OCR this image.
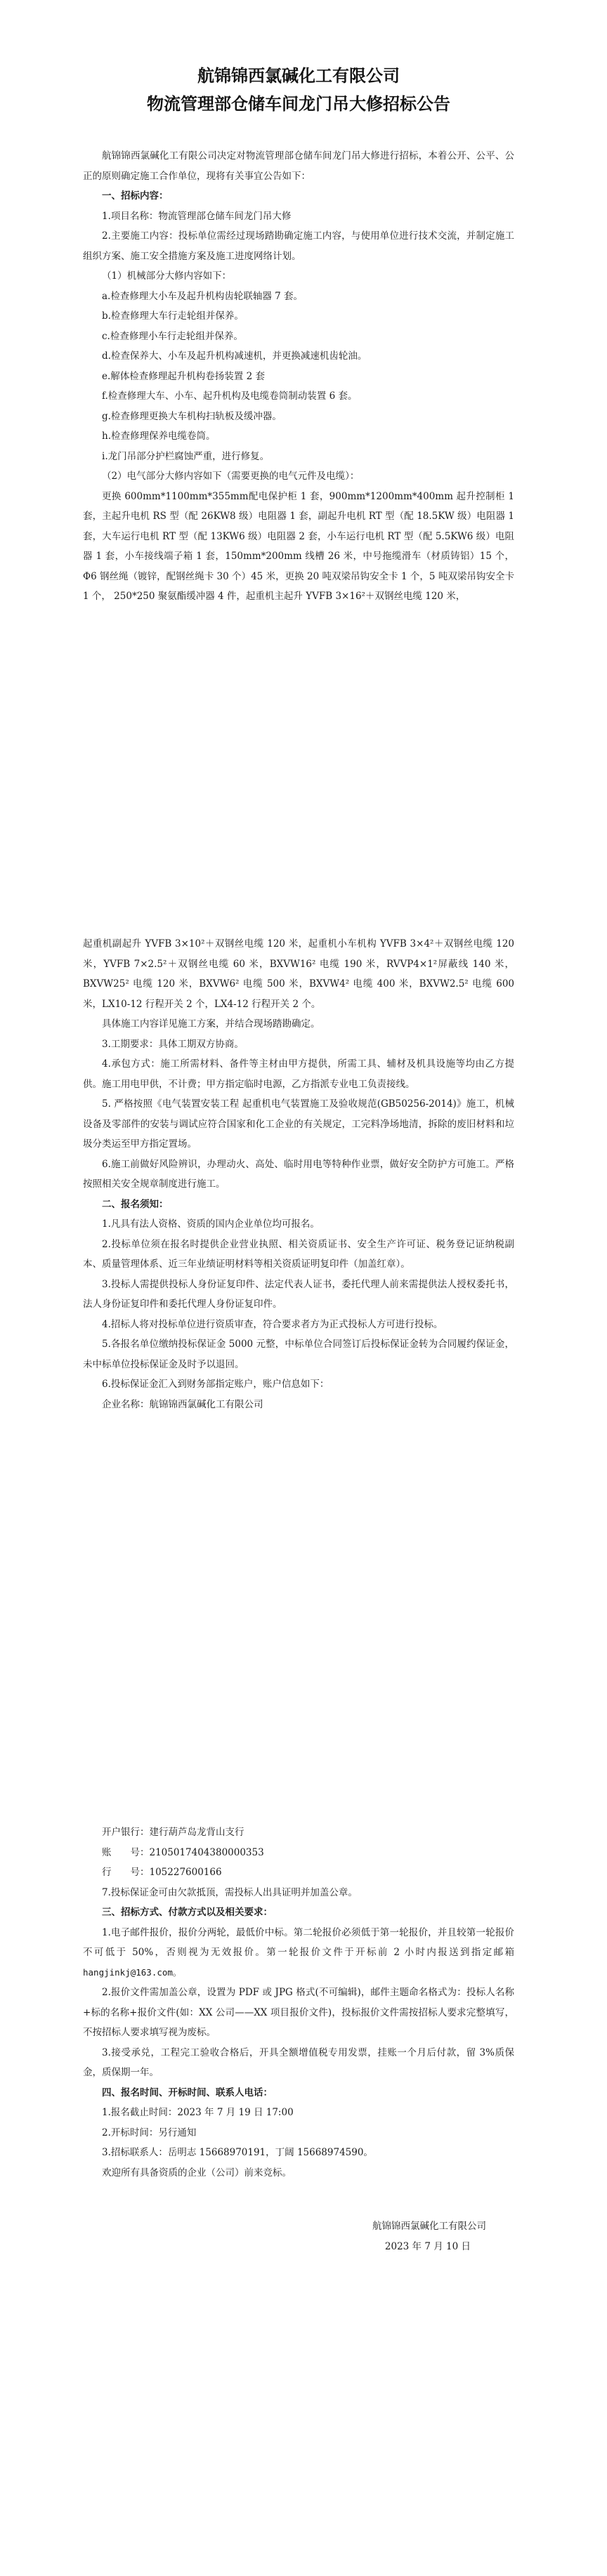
航锦锦西氯碱化工有限公司
物流管理部仓储车间龙门吊大修招标公告

航锦锦西氯碱化工有限公司决定对物流管理部仓储车间龙门吊大修进行招标，本着公开、公平、公正的原则确定施工合作单位，现将有关事宜公告如下：

一、招标内容：

1.项目名称：物流管理部仓储车间龙门吊大修

2.主要施工内容：投标单位需经过现场踏勘确定施工内容，与使用单位进行技术交流，并制定施工组织方案、施工安全措施方案及施工进度网络计划。

（1）机械部分大修内容如下：

a.检查修理大小车及起升机构齿轮联轴器 7 套。

b.检查修理大车行走轮组并保养。

c.检查修理小车行走轮组并保养。

d.检查保养大、小车及起升机构减速机，并更换减速机齿轮油。

e.解体检查修理起升机构卷扬装置 2 套

f.检查修理大车、小车、起升机构及电缆卷筒制动装置 6 套。

g.检查修理更换大车机构扫轨板及缓冲器。

h.检查修理保养电缆卷筒。

i.龙门吊部分护栏腐蚀严重，进行修复。

（2）电气部分大修内容如下（需要更换的电气元件及电缆）：

更换 600mm*1100mm*355mm配电保护柜 1 套，900mm*1200mm*400mm 起升控制柜 1 套，主起升电机 RS 型（配 26KW8 级）电阻器 1 套，副起升电机 RT 型（配 18.5KW 级）电阻器 1 套，大车运行电机 RT 型（配 13KW6 级）电阻器 2 套，小车运行电机 RT 型（配 5.5KW6 级）电阻器 1 套，小车接线端子箱 1 套，150mm*200mm 线槽 26 米，中号拖缆滑车（材质铸铝）15 个，Φ6 钢丝绳（镀锌，配钢丝绳卡 30 个）45 米，更换 20 吨双梁吊钩安全卡 1 个，5 吨双梁吊钩安全卡 1 个， 250*250 聚氨酯缓冲器 4 件，起重机主起升 YVFB 3×16²＋双钢丝电缆 120 米，

起重机副起升 YVFB 3×10²＋双钢丝电缆 120 米，起重机小车机构 YVFB 3×4²＋双钢丝电缆 120 米，YVFB 7×2.5²＋双钢丝电缆 60 米，BXVW16² 电缆 190 米，RVVP4×1²屏蔽线 140 米，BXVW25² 电缆 120 米，BXVW6² 电缆 500 米，BXVW4² 电缆 400 米，BXVW2.5² 电缆 600 米，LX10-12 行程开关 2 个，LX4-12 行程开关 2 个。

具体施工内容详见施工方案，并结合现场踏勘确定。

3.工期要求：具体工期双方协商。

4.承包方式：施工所需材料、备件等主材由甲方提供，所需工具、辅材及机具设施等均由乙方提供。施工用电甲供，不计费；甲方指定临时电源，乙方指派专业电工负责接线。

5. 严格按照《电气装置安装工程 起重机电气装置施工及验收规范(GB50256-2014)》施工，机械设备及零部件的安装与调试应符合国家和化工企业的有关规定，工完料净场地清，拆除的废旧材料和垃圾分类运至甲方指定置场。

6.施工前做好风险辨识，办理动火、高处、临时用电等特种作业票，做好安全防护方可施工。严格按照相关安全规章制度进行施工。

二、报名须知：

1.凡具有法人资格、资质的国内企业单位均可报名。

2.投标单位须在报名时提供企业营业执照、相关资质证书、安全生产许可证、税务登记证纳税副本、质量管理体系、近三年业绩证明材料等相关资质证明复印件（加盖红章）。

3.投标人需提供投标人身份证复印件、法定代表人证书，委托代理人前来需提供法人授权委托书，法人身份证复印件和委托代理人身份证复印件。

4.招标人将对投标单位进行资质审查，符合要求者方为正式投标人方可进行投标。

5.各报名单位缴纳投标保证金 5000 元整，中标单位合同签订后投标保证金转为合同履约保证金，未中标单位投标保证金及时予以退回。

6.投标保证金汇入到财务部指定账户，账户信息如下：

企业名称：航锦锦西氯碱化工有限公司

开户银行：建行葫芦岛龙背山支行

账　　号：2105017404380000353

行　　号：105227600166

7.投标保证金可由欠款抵顶，需投标人出具证明并加盖公章。

三、招标方式、付款方式以及相关要求：

1.电子邮件报价，报价分两轮，最低价中标。第二轮报价必须低于第一轮报价，并且较第一轮报价不可低于 50%，否则视为无效报价。第一轮报价文件于开标前 2 小时内报送到指定邮箱hangjinkj@163.com。

2.报价文件需加盖公章，设置为 PDF 或 JPG 格式(不可编辑)，邮件主题命名格式为：投标人名称+标的名称+报价文件(如：XX 公司——XX 项目报价文件)，投标报价文件需按招标人要求完整填写，不按招标人要求填写视为废标。

3.接受承兑，工程完工验收合格后，开具全额增值税专用发票，挂账一个月后付款，留 3%质保金，质保期一年。

四、报名时间、开标时间、联系人电话：

1.报名截止时间：2023 年 7 月 19 日 17:00

2.开标时间：另行通知

3.招标联系人：岳明志 15668970191，丁阔 15668974590。

欢迎所有具备资质的企业（公司）前来竞标。

航锦锦西氯碱化工有限公司

2023 年 7 月 10 日
